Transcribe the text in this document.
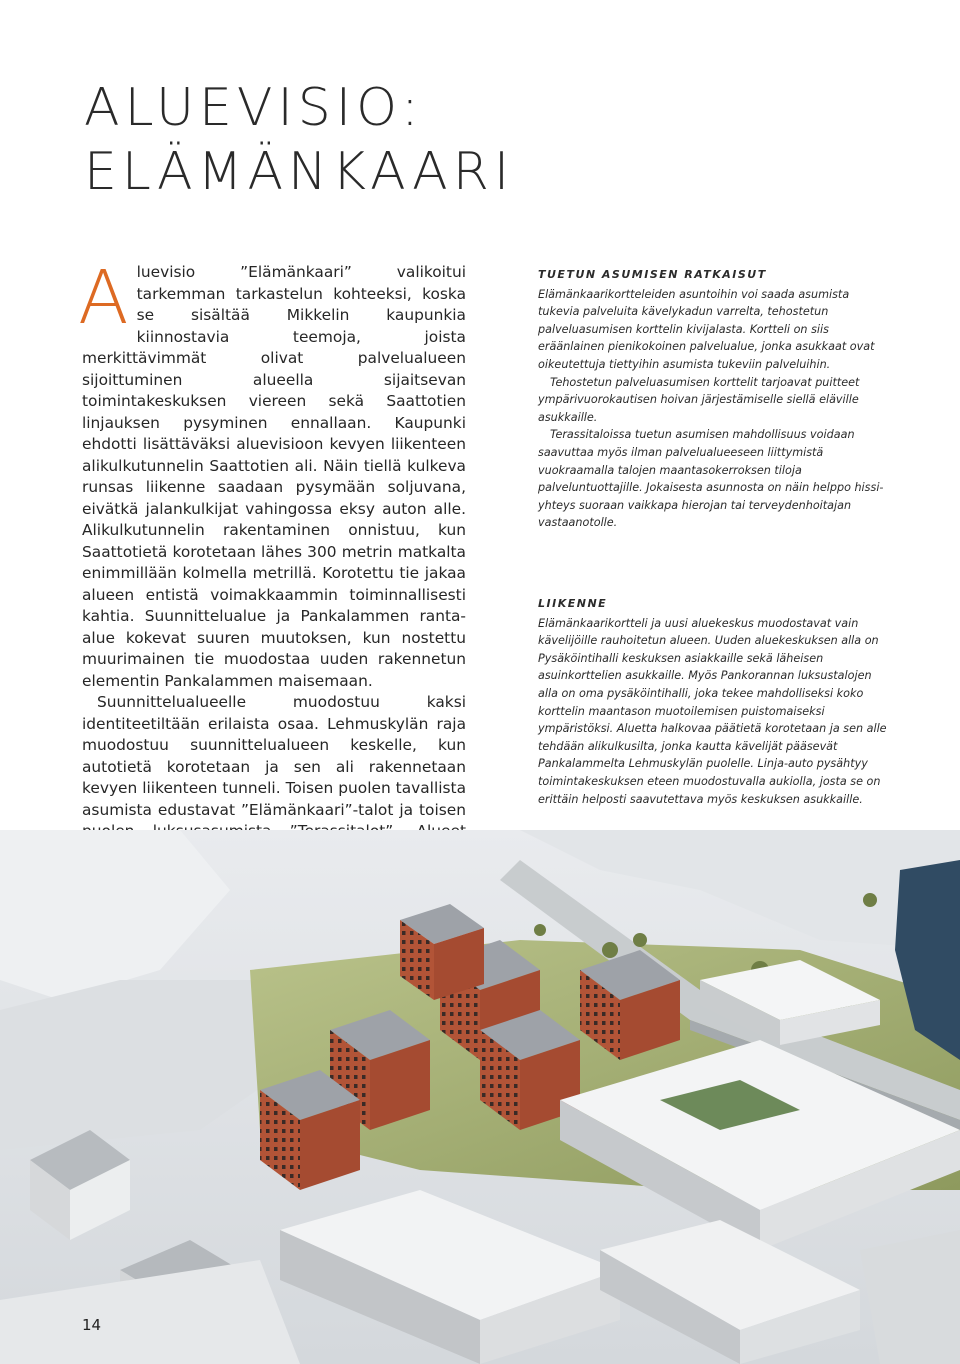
ALUEVISIO:
ELÄMÄNKAARI

Aluevisio ”Elämänkaari” valikoitui tarkemman tarkastelun kohteeksi, koska se sisältää Mikkelin kaupunkia kiinnostavia teemoja, joista merkittävimmät olivat palvelualueen sijoittuminen alueella sijaitsevan toimintakeskuksen viereen sekä Saattotien linjauksen pysyminen ennallaan. Kaupunki ehdotti lisättäväksi aluevisioon kevyen liikenteen alikulkutunnelin Saattotien ali. Näin tiellä kulkeva runsas liikenne saadaan pysymään soljuvana, eivätkä jalankulkijat vahingossa eksy auton alle. Alikulkutunnelin rakentaminen onnistuu, kun Saattotietä korotetaan lähes 300 metrin matkalta enimmillään kolmella metrillä. Korotettu tie jakaa alueen entistä voimakkaammin toiminnallisesti kahtia. Suunnittelualue ja Pankalammen ranta-alue kokevat suuren muutoksen, kun nostettu muurimainen tie muodostaa uuden rakennetun elementin Pankalammen maisemaan.

Suunnittelualueelle muodostuu kaksi identiteetiltään erilaista osaa. Lehmuskylän raja muodostuu suunnittelualueen keskelle, kun autotietä korotetaan ja sen ali rakennetaan kevyen liikenteen tunneli. Toisen puolen tavallista asumista edustavat ”Elämänkaari”-talot ja toisen

TUETUN ASUMISEN RATKAISUT

Elämänkaarikortteleiden asuntoihin voi saada asumista tukevia palveluita kävelykadun varrelta, tehostetun palveluasumisen korttelin kivijalasta. Kortteli on siis eräänlainen pienikokoinen palvelualue, jonka asukkaat ovat oikeutettuja tiettyihin asumista tukeviin palveluihin.

Tehostetun palveluasumisen korttelit tarjoavat puitteet ympärivuorokautisen hoivan järjestämiselle siellä eläville asukkaille.

Terassitaloissa tuetun asumisen mahdollisuus voidaan saavuttaa myös ilman palvelualueeseen liittymistä vuokraamalla talojen maantasokerroksen tiloja palveluntuottajille. Jokaisesta asunnosta on näin helppo hissi-yhteys suoraan vaikkapa hierojan tai terveydenhoitajan vastaanotolle.

LIIKENNE

Elämänkaarikortteli ja uusi aluekeskus muodostavat vain kävelijöille rauhoitetun alueen. Uuden aluekeskuksen alla on Pysäköintihalli keskuksen asiakkaille sekä läheisen asuinkorttelien asukkaille. Myös Pankorannan luksustalojen alla on oma pysäköintihalli, joka tekee mahdolliseksi koko korttelin maantason muotoilemisen puistomaiseksi ympäristöksi. Aluetta halkovaa päätietä korotetaan ja sen alle tehdään alikulkusilta, jonka kautta kävelijät pääsevät Pankalammelta Lehmuskylän puolelle. Linja-auto pysähtyy toimintakeskuksen eteen muodostuvalla aukiolla, josta se on erittäin helposti saavutettava myös keskuksen asukkaille.

14
